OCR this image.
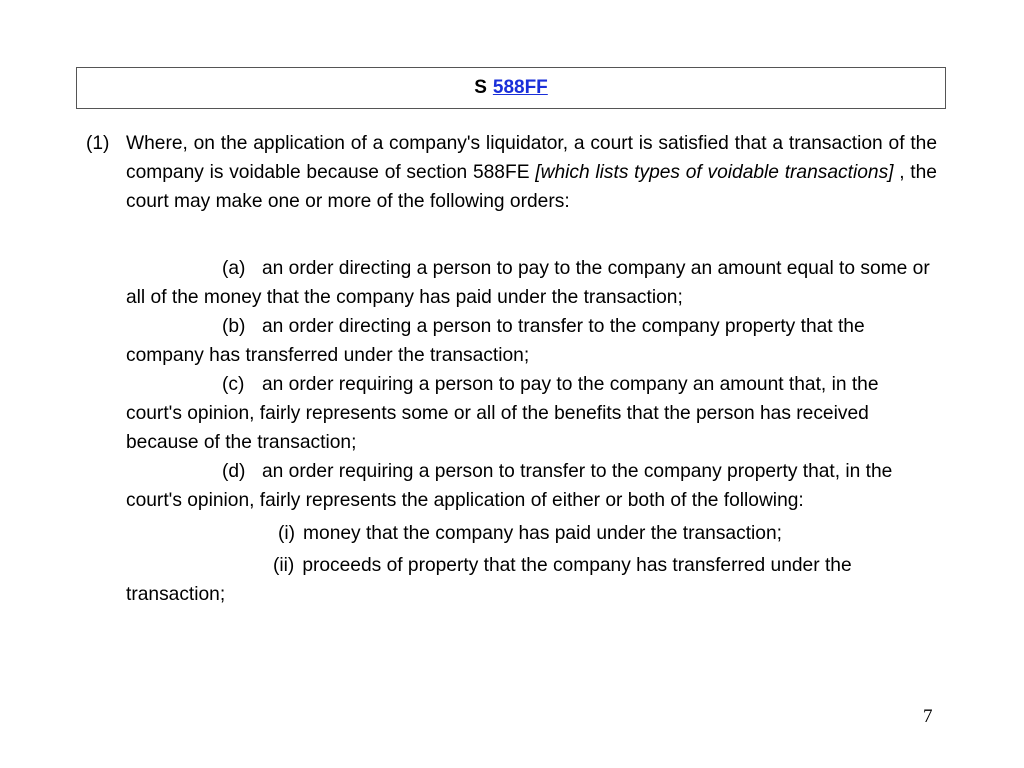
S 588FF

(1) Where, on the application of a company's liquidator, a court is satisfied that a transaction of the company is voidable because of section 588FE [which lists types of voidable transactions] , the court may make one or more of the following orders:

(a) an order directing a person to pay to the company an amount equal to some or all of the money that the company has paid under the transaction;

(b) an order directing a person to transfer to the company property that the company has transferred under the transaction;

(c) an order requiring a person to pay to the company an amount that, in the court's opinion, fairly represents some or all of the benefits that the person has received because of the transaction;

(d) an order requiring a person to transfer to the company property that, in the court's opinion, fairly represents the application of either or both of the following:

(i) money that the company has paid under the transaction;

(ii) proceeds of property that the company has transferred under the transaction;

7
